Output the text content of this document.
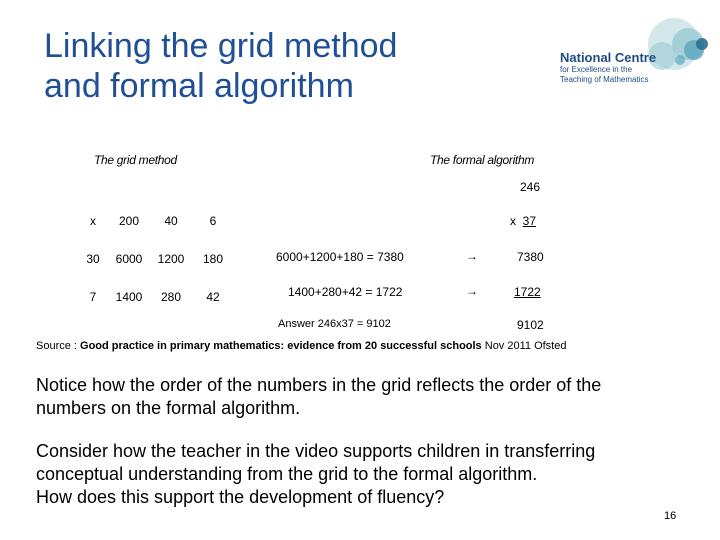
Linking the grid method
and formal algorithm
National Centre
for Excellence in the
Teaching of Mathematics
The grid method	The formal algorithm
x	200	40	6
30	6000	1200	180
7	1400	280	42
246
x 37
6000+1200+180 = 7380	→	7380
1400+280+42 = 1722	→	1722
Answer 246x37 = 9102	9102
Source : Good practice in primary mathematics: evidence from 20 successful schools Nov 2011 Ofsted
Notice how the order of the numbers in the grid reflects the order of the numbers on the formal algorithm.
Consider how the teacher in the video supports children in transferring conceptual understanding from the grid to the formal algorithm.
How does this support the development of fluency?
16
